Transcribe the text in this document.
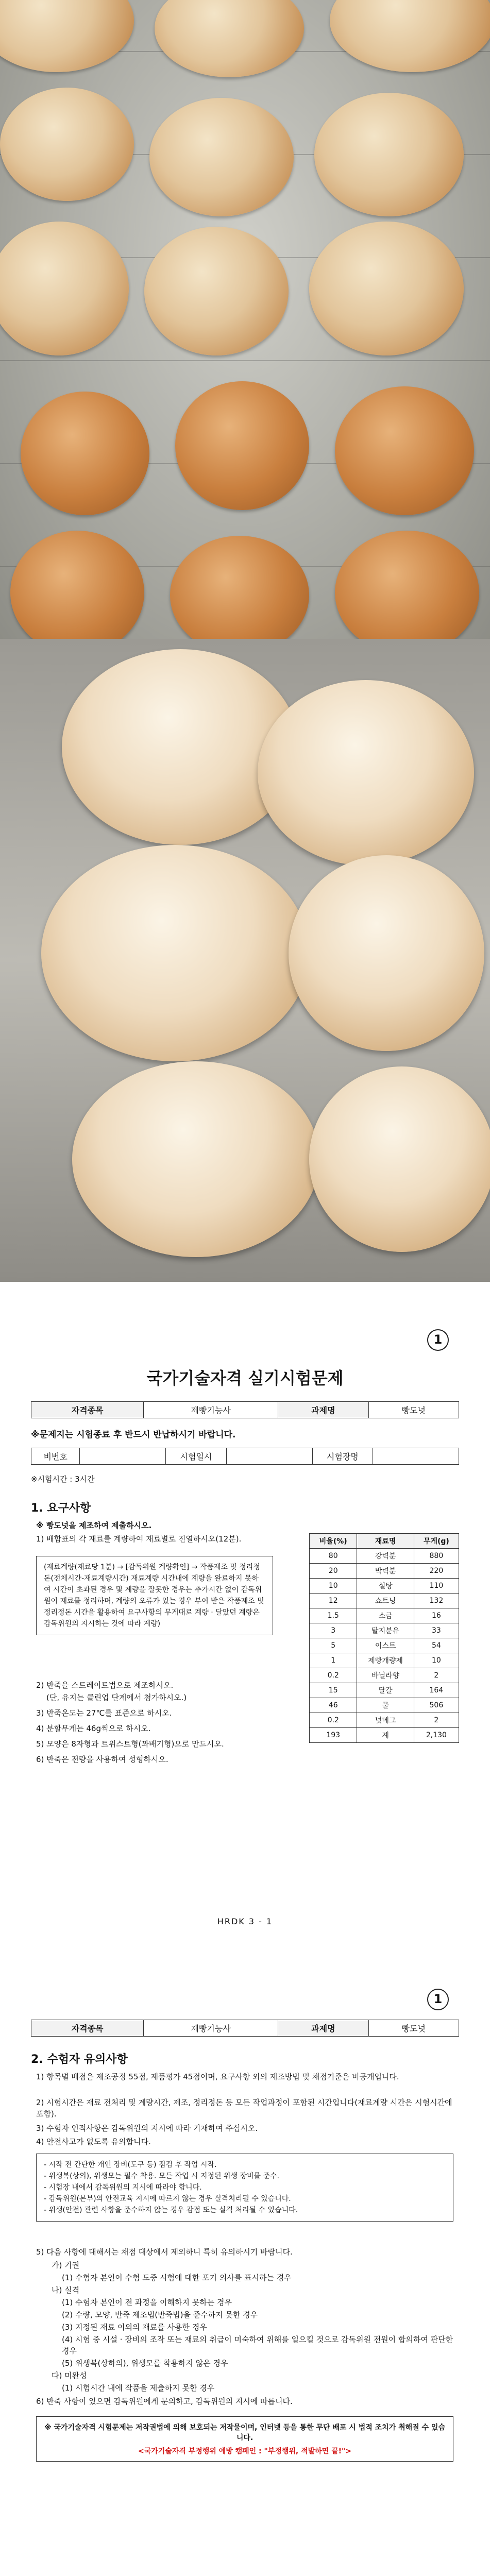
1
국가기술자격 실기시험문제
자격종목	제빵기능사	과제명	빵도넛
※문제지는 시험종료 후 반드시 반납하시기 바랍니다.
비번호		시험일시		시험장명	
※시험시간 : 3시간
1. 요구사항
※ 빵도넛을 제조하여 제출하시오.
1) 배합표의 각 재료를 계량하여 재료별로 진열하시오(12분).
(재료계량(재료당 1분) → [감독위원 계량확인] → 작품제조 및 정리정돈(전체시간-재료계량시간) 재료계량 시간내에 계량을 완료하지 못하여 시간이 초과된 경우 및 계량을 잘못한 경우는 추가시간 없이 감독위원이 재료를 정리하며, 계량의 오류가 있는 경우 부여 받은 작품제조 및 정리정돈 시간을 활용하여 요구사항의 무게대로 계량 · 달았던 계량은 감독위원의 지시하는 것에 따라 계량)
2) 반죽을 스트레이트법으로 제조하시오.
(단, 유지는 클린업 단계에서 첨가하시오.)
3) 반죽온도는 27℃를 표준으로 하시오.
4) 분할무게는 46g씩으로 하시오.
5) 모양은 8자형과 트위스트형(꽈배기형)으로 만드시오.
6) 반죽은 전량을 사용하여 성형하시오.
비율(%)	재료명	무게(g)
80	강력분	880
20	박력분	220
10	설탕	110
12	쇼트닝	132
1.5	소금	16
3	탈지분유	33
5	이스트	54
1	제빵개량제	10
0.2	바닐라향	2
15	달걀	164
46	물	506
0.2	넛메그	2
193	계	2,130
HRDK 3 - 1
1
자격종목	제빵기능사	과제명	빵도넛
2. 수험자 유의사항
1) 항목별 배점은 제조공정 55점, 제품평가 45점이며, 요구사항 외의 제조방법 및 채점기준은 비공개입니다.
2) 시험시간은 재료 전처리 및 계량시간, 제조, 정리정돈 등 모든 작업과정이 포함된 시간입니다(재료계량 시간은 시험시간에 포함).
3) 수험자 인적사항은 감독위원의 지시에 따라 기재하여 주십시오.
4) 안전사고가 없도록 유의합니다.
- 시작 전 간단한 개인 장비(도구 등) 점검 후 작업 시작.
- 위생복(상의), 위생모는 필수 착용. 모든 작업 시 지정된 위생 장비를 준수.
- 시험장 내에서 감독위원의 지시에 따라야 합니다.
- 감독위원(본부)의 안전교육 지시에 따르지 않는 경우 실격처리될 수 있습니다.
- 위생(안전) 관련 사항을 준수하지 않는 경우 감점 또는 실격 처리될 수 있습니다.
5) 다음 사항에 대해서는 채점 대상에서 제외하니 특히 유의하시기 바랍니다.
가) 기권
(1) 수험자 본인이 수험 도중 시험에 대한 포기 의사를 표시하는 경우
나) 실격
(1) 수험자 본인이 전 과정을 이해하지 못하는 경우
(2) 수량, 모양, 반죽 제조법(반죽법)을 준수하지 못한 경우
(3) 지정된 재료 이외의 재료를 사용한 경우
(4) 시험 중 시설 · 장비의 조작 또는 재료의 취급이 미숙하여 위해를 일으킬 것으로 감독위원 전원이 합의하여 판단한 경우
(5) 위생복(상하의), 위생모를 착용하지 않은 경우
다) 미완성
(1) 시험시간 내에 작품을 제출하지 못한 경우
6) 반죽 사항이 있으면 감독위원에게 문의하고, 감독위원의 지시에 따릅니다.
※ 국가기술자격 시험문제는 저작권법에 의해 보호되는 저작물이며, 인터넷 등을 통한 무단 배포 시 법적 조치가 취해질 수 있습니다.
<국가기술자격 부정행위 예방 캠페인 : "부정행위, 적발하면 끝!">
